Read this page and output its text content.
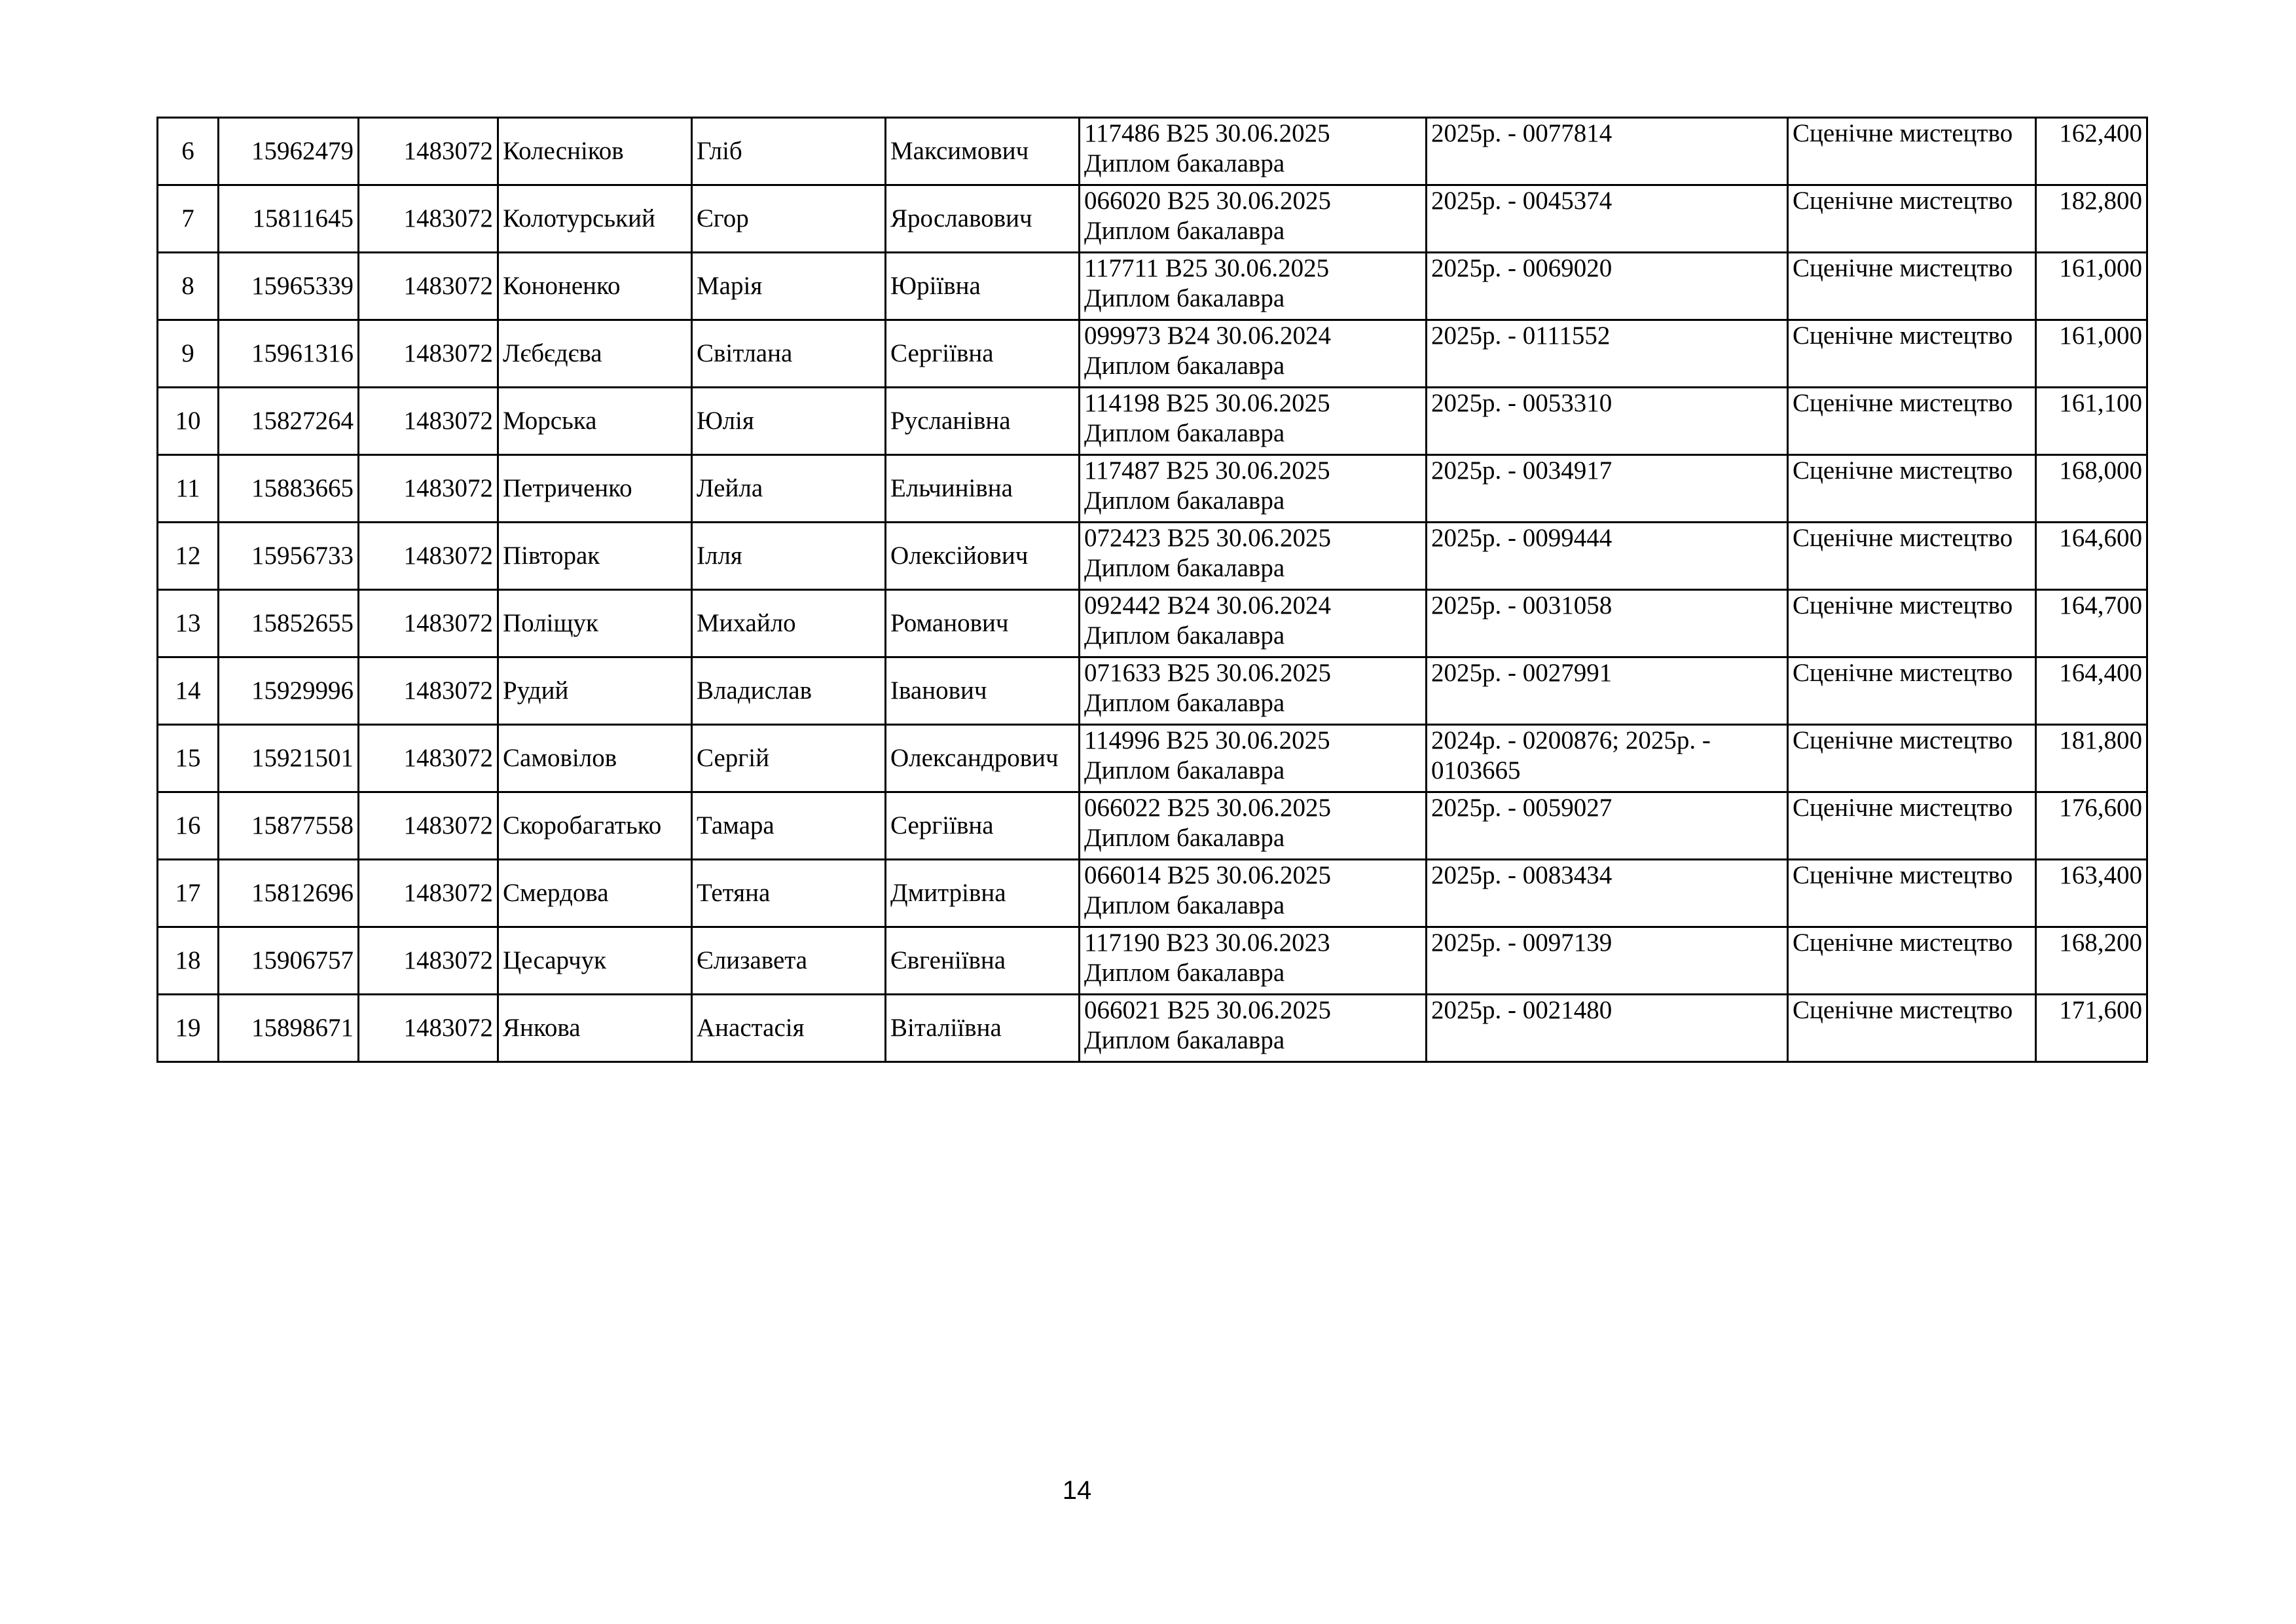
6	15962479	1483072	Колесніков	Гліб	Максимович	117486 В25 30.06.2025
Диплом бакалавра	2025р. - 0077814	Сценічне мистецтво	162,400

7	15811645	1483072	Колотурський	Єгор	Ярославович	066020 В25 30.06.2025
Диплом бакалавра	2025р. - 0045374	Сценічне мистецтво	182,800

8	15965339	1483072	Кононенко	Марія	Юріївна	117711 В25 30.06.2025
Диплом бакалавра	2025р. - 0069020	Сценічне мистецтво	161,000

9	15961316	1483072	Лєбєдєва	Світлана	Сергіївна	099973 В24 30.06.2024
Диплом бакалавра	2025р. - 0111552	Сценічне мистецтво	161,000

10	15827264	1483072	Морська	Юлія	Русланівна	114198 В25 30.06.2025
Диплом бакалавра	2025р. - 0053310	Сценічне мистецтво	161,100

11	15883665	1483072	Петриченко	Лейла	Ельчинівна	117487 В25 30.06.2025
Диплом бакалавра	2025р. - 0034917	Сценічне мистецтво	168,000

12	15956733	1483072	Півторак	Ілля	Олексійович	072423 В25 30.06.2025
Диплом бакалавра	2025р. - 0099444	Сценічне мистецтво	164,600

13	15852655	1483072	Поліщук	Михайло	Романович	092442 В24 30.06.2024
Диплом бакалавра	2025р. - 0031058	Сценічне мистецтво	164,700

14	15929996	1483072	Рудий	Владислав	Іванович	071633 В25 30.06.2025
Диплом бакалавра	2025р. - 0027991	Сценічне мистецтво	164,400

15	15921501	1483072	Самовілов	Сергій	Олександрович	114996 В25 30.06.2025
Диплом бакалавра	2024р. - 0200876; 2025р. - 0103665	Сценічне мистецтво	181,800

16	15877558	1483072	Скоробагатько	Тамара	Сергіївна	066022 В25 30.06.2025
Диплом бакалавра	2025р. - 0059027	Сценічне мистецтво	176,600

17	15812696	1483072	Смердова	Тетяна	Дмитрівна	066014 В25 30.06.2025
Диплом бакалавра	2025р. - 0083434	Сценічне мистецтво	163,400

18	15906757	1483072	Цесарчук	Єлизавета	Євгеніївна	117190 В23 30.06.2023
Диплом бакалавра	2025р. - 0097139	Сценічне мистецтво	168,200

19	15898671	1483072	Янкова	Анастасія	Віталіївна	066021 В25 30.06.2025
Диплом бакалавра	2025р. - 0021480	Сценічне мистецтво	171,600
14
